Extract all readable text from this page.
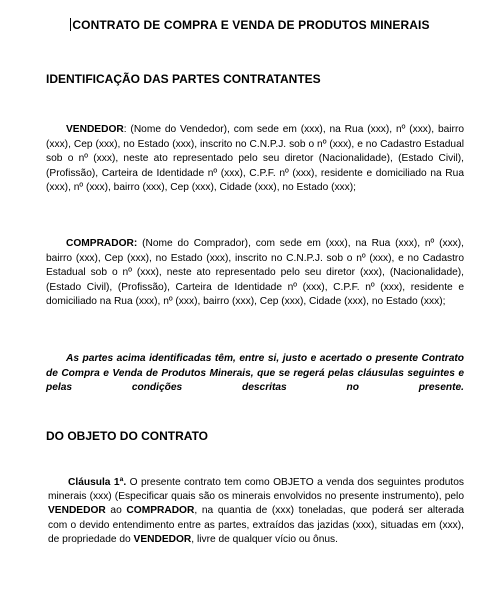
CONTRATO DE COMPRA E VENDA DE PRODUTOS MINERAIS
IDENTIFICAÇÃO DAS PARTES CONTRATANTES

VENDEDOR: (Nome do Vendedor), com sede em (xxx), na Rua (xxx), nº (xxx), bairro (xxx), Cep (xxx), no Estado (xxx), inscrito no C.N.P.J. sob o nº (xxx), e no Cadastro Estadual sob o nº (xxx), neste ato representado pelo seu diretor (Nacionalidade), (Estado Civil), (Profissão), Carteira de Identidade nº (xxx), C.P.F. nº (xxx), residente e domiciliado na Rua (xxx), nº (xxx), bairro (xxx), Cep (xxx), Cidade (xxx), no Estado (xxx);

COMPRADOR: (Nome do Comprador), com sede em (xxx), na Rua (xxx), nº (xxx), bairro (xxx), Cep (xxx), no Estado (xxx), inscrito no C.N.P.J. sob o nº (xxx), e no Cadastro Estadual sob o nº (xxx), neste ato representado pelo seu diretor (xxx), (Nacionalidade), (Estado Civil), (Profissão), Carteira de Identidade nº (xxx), C.P.F. nº (xxx), residente e domiciliado na Rua (xxx), nº (xxx), bairro (xxx), Cep (xxx), Cidade (xxx), no Estado (xxx);

As partes acima identificadas têm, entre si, justo e acertado o presente Contrato de Compra e Venda de Produtos Minerais, que se regerá pelas cláusulas seguintes e pelas condições descritas no presente.

DO OBJETO DO CONTRATO

Cláusula 1ª. O presente contrato tem como OBJETO a venda dos seguintes produtos minerais (xxx) (Especificar quais são os minerais envolvidos no presente instrumento), pelo VENDEDOR ao COMPRADOR, na quantia de (xxx) toneladas, que poderá ser alterada com o devido entendimento entre as partes, extraídos das jazidas (xxx), situadas em (xxx), de propriedade do VENDEDOR, livre de qualquer vício ou ônus.
